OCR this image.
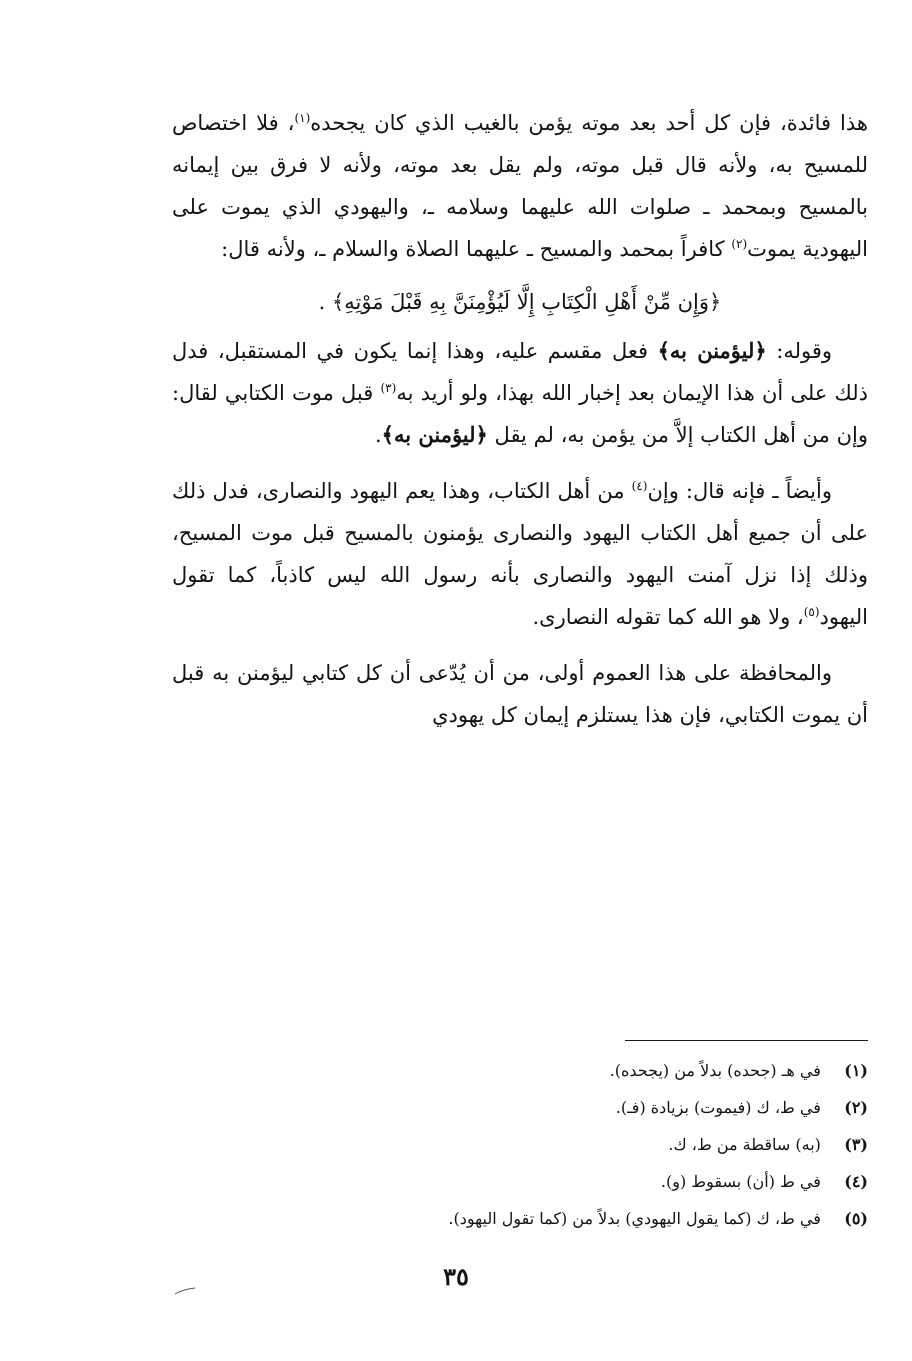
هذا فائدة، فإن كل أحد بعد موته يؤمن بالغيب الذي كان يجحده$^{(١)}$، فلا اختصاص للمسيح به، ولأنه قال قبل موته، ولم يقل بعد موته، ولأنه لا فرق بين إيمانه بالمسيح وبمحمد ـ صلوات الله عليهما وسلامه ـ، واليهودي الذي يموت على اليهودية يموت$^{(٢)}$ كافراً بمحمد والمسيح ـ عليهما الصلاة والسلام ـ، ولأنه قال:

﴿وَإِن مِّنْ أَهْلِ الْكِتَابِ إِلَّا لَيُؤْمِنَنَّ بِهِ قَبْلَ مَوْتِهِ﴾ .

وقوله: ﴿ليؤمنن به﴾ فعل مقسم عليه، وهذا إنما يكون في المستقبل، فدل ذلك على أن هذا الإيمان بعد إخبار الله بهذا، ولو أريد به$^{(٣)}$ قبل موت الكتابي لقال: وإن من أهل الكتاب إلاَّ من يؤمن به، لم يقل ﴿ليؤمنن به﴾.

وأيضاً ـ فإنه قال: وإن$^{(٤)}$ من أهل الكتاب، وهذا يعم اليهود والنصارى، فدل ذلك على أن جميع أهل الكتاب اليهود والنصارى يؤمنون بالمسيح قبل موت المسيح، وذلك إذا نزل آمنت اليهود والنصارى بأنه رسول الله ليس كاذباً، كما تقول اليهود$^{(٥)}$، ولا هو الله كما تقوله النصارى.

والمحافظة على هذا العموم أولى، من أن يُدّعى أن كل كتابي ليؤمنن به قبل أن يموت الكتابي، فإن هذا يستلزم إيمان كل يهودي

(١) في هـ (جحده) بدلاً من (يجحده).
(٢) في ط، ك (فيموت) بزيادة (فـ).
(٣) (به) ساقطة من ط، ك.
(٤) في ط (أن) بسقوط (و).
(٥) في ط، ك (كما يقول اليهودي) بدلاً من (كما تقول اليهود).
٣٥
